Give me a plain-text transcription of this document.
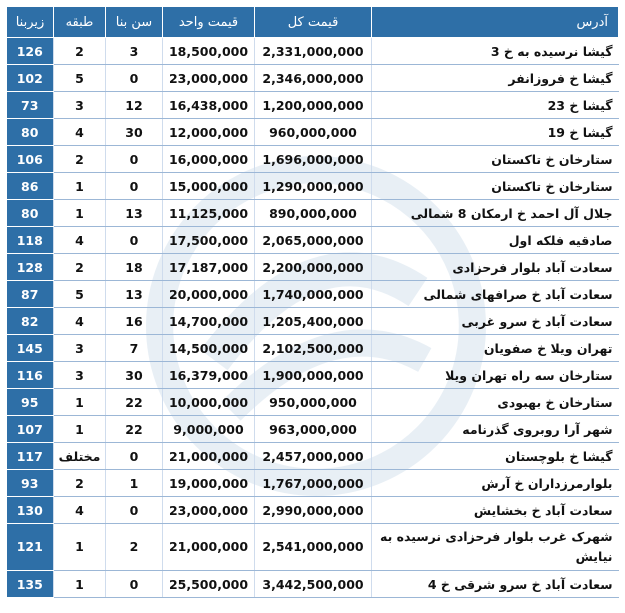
زیربنا	طبقه	سن بنا	قیمت واحد	قیمت کل	آدرس
126	2	3	18,500,000	2,331,000,000	گیشا نرسیده به خ 3
102	5	0	23,000,000	2,346,000,000	گیشا خ فروزانفر
73	3	12	16,438,000	1,200,000,000	گیشا خ 23
80	4	30	12,000,000	960,000,000	گیشا خ 19
106	2	0	16,000,000	1,696,000,000	ستارخان خ تاکستان
86	1	0	15,000,000	1,290,000,000	ستارخان خ تاکستان
80	1	13	11,125,000	890,000,000	جلال آل احمد خ ارمکان 8 شمالی
118	4	0	17,500,000	2,065,000,000	صادقیه فلکه اول
128	2	18	17,187,000	2,200,000,000	سعادت آباد بلوار فرحزادی
87	5	13	20,000,000	1,740,000,000	سعادت آباد خ صرافهای شمالی
82	4	16	14,700,000	1,205,400,000	سعادت آباد خ سرو غربی
145	3	7	14,500,000	2,102,500,000	تهران ویلا خ صفویان
116	3	30	16,379,000	1,900,000,000	ستارخان سه راه تهران ویلا
95	1	22	10,000,000	950,000,000	ستارخان خ بهبودی
107	1	22	9,000,000	963,000,000	شهر آرا روبروی گذرنامه
117	مختلف	0	21,000,000	2,457,000,000	گیشا خ بلوچستان
93	2	1	19,000,000	1,767,000,000	بلوارمرزداران خ آرش
130	4	0	23,000,000	2,990,000,000	سعادت آباد خ بخشایش
121	1	2	21,000,000	2,541,000,000	شهرک غرب بلوار فرحزادی نرسیده به نیایش
135	1	0	25,500,000	3,442,500,000	سعادت آباد خ سرو شرقی خ 4
